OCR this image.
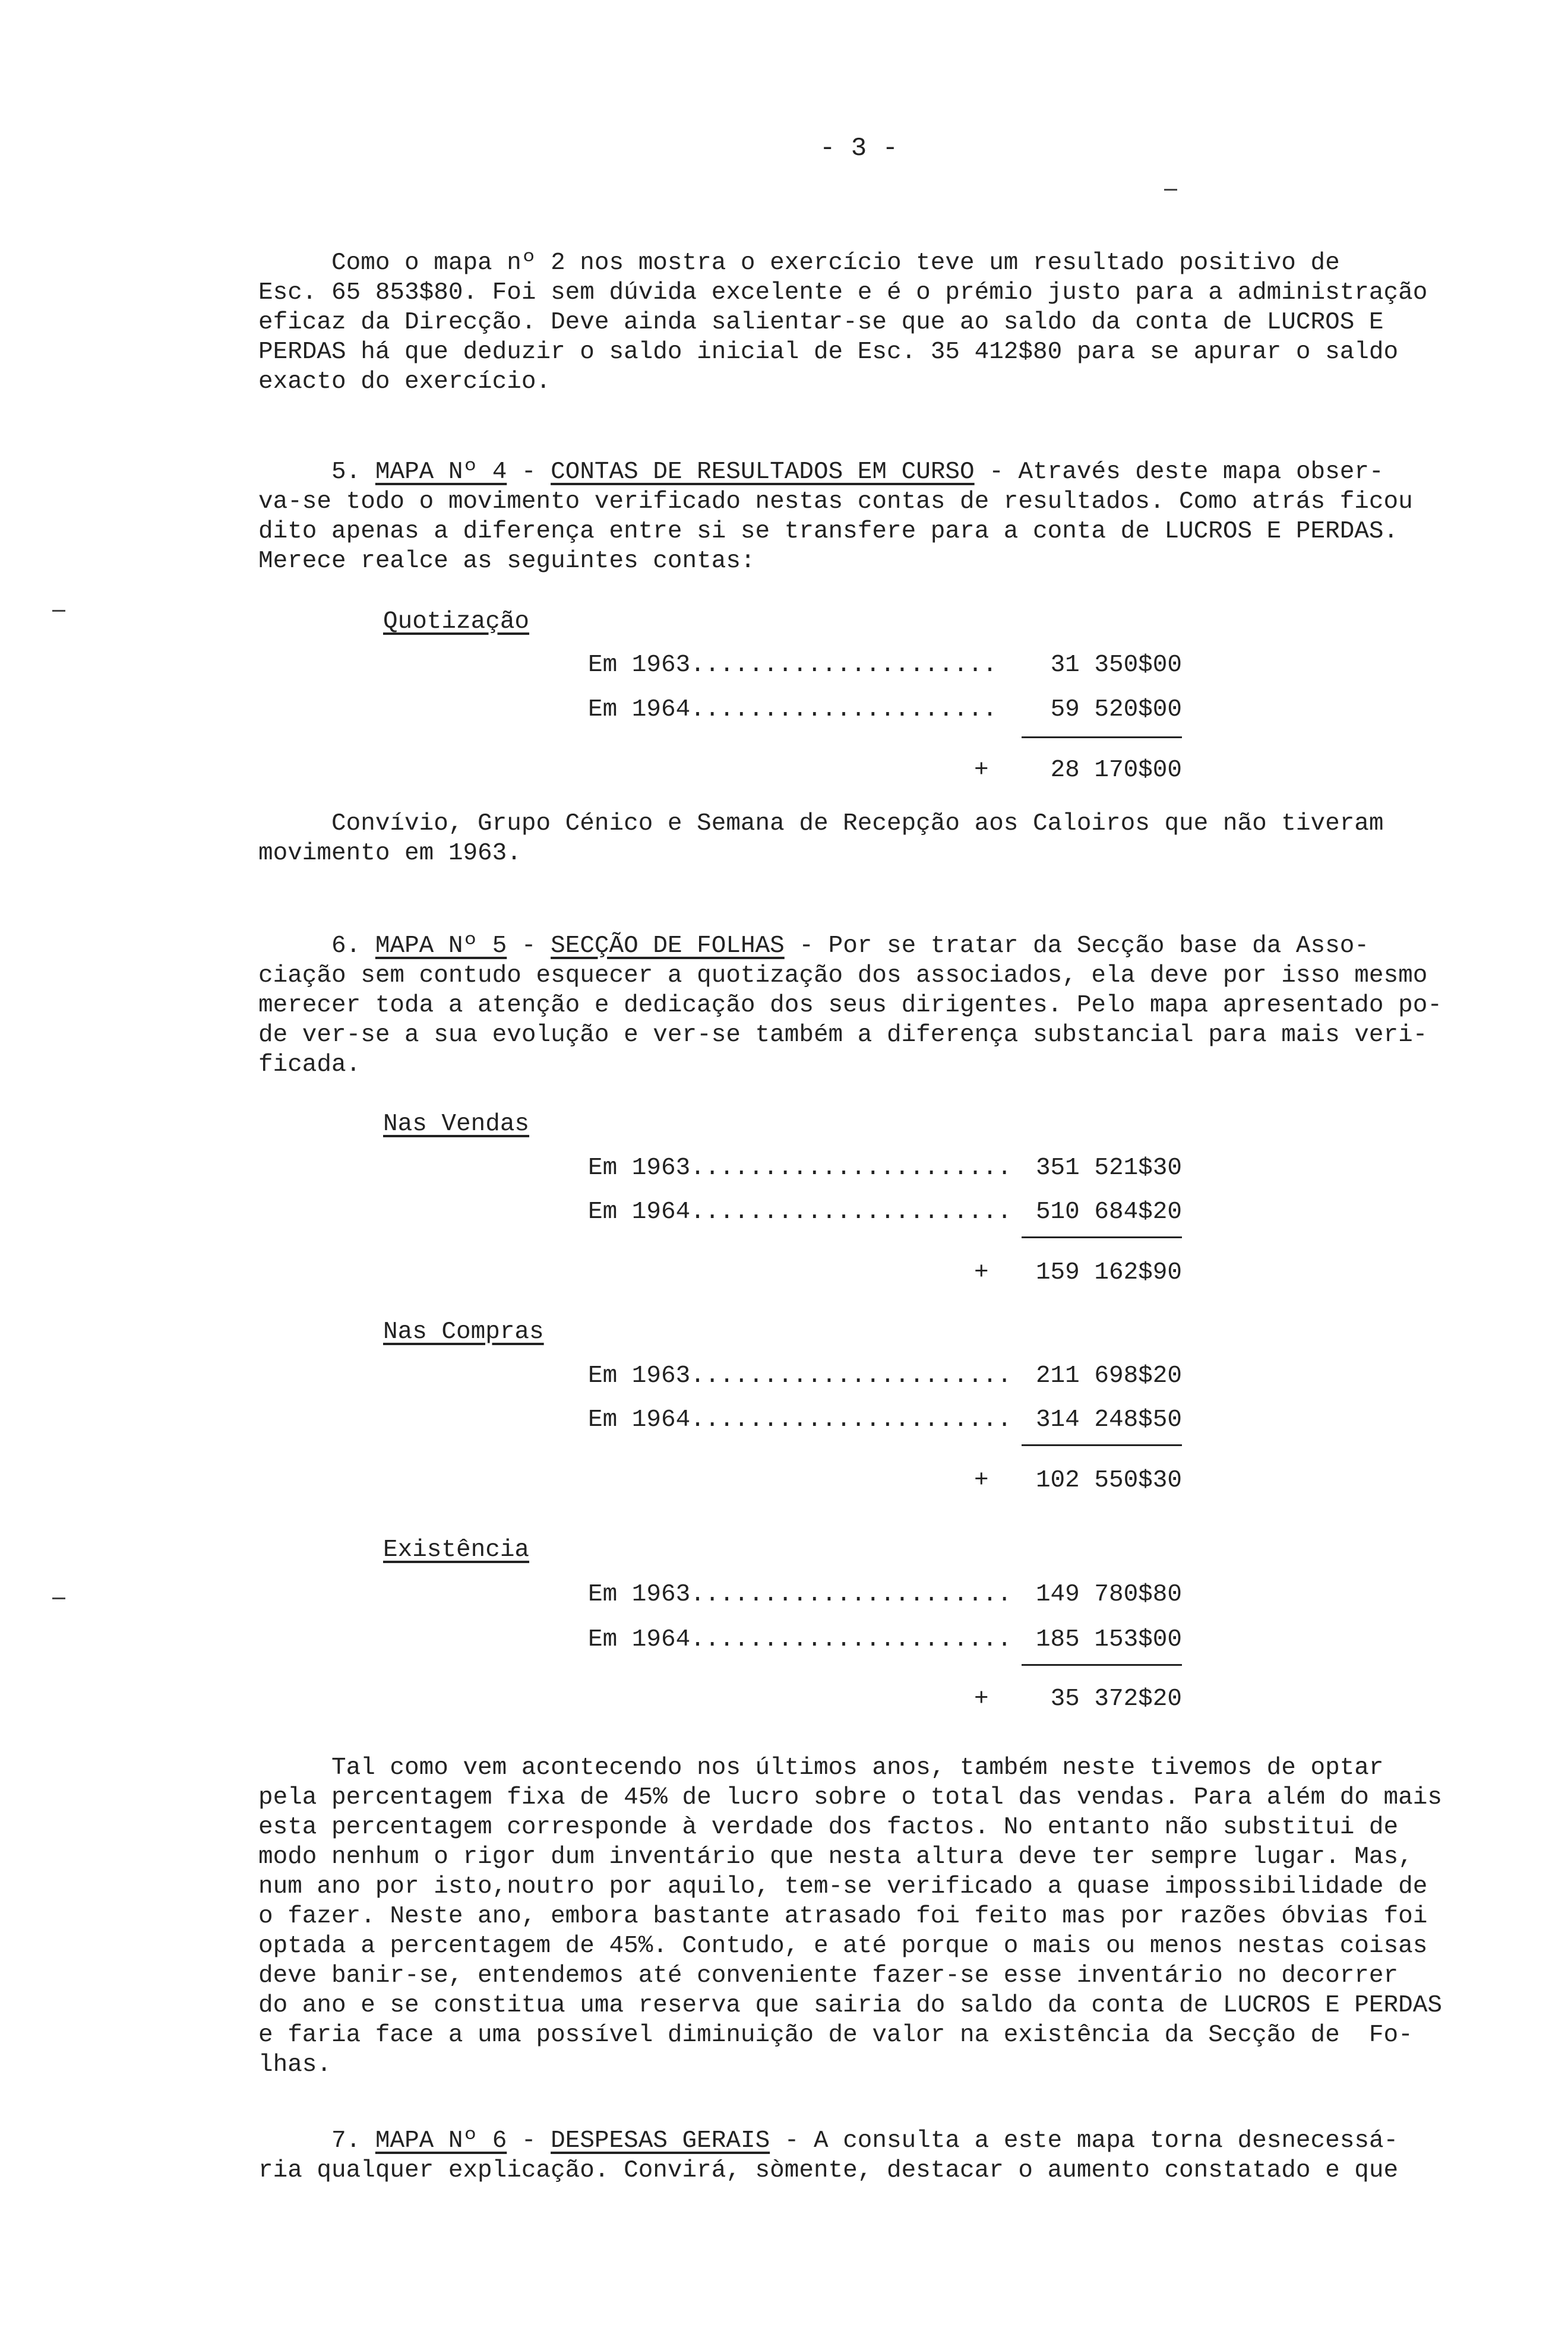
- 3 -
Como o mapa nº 2 nos mostra o exercício teve um resultado positivo de
Esc. 65 853$80. Foi sem dúvida excelente e é o prémio justo para a administração
eficaz da Direcção. Deve ainda salientar-se que ao saldo da conta de LUCROS E
PERDAS há que deduzir o saldo inicial de Esc. 35 412$80 para se apurar o saldo
exacto do exercício.
5. MAPA Nº 4 - CONTAS DE RESULTADOS EM CURSO - Através deste mapa obser-
va-se todo o movimento verificado nestas contas de resultados. Como atrás ficou
dito apenas a diferença entre si se transfere para a conta de LUCROS E PERDAS.
Merece realce as seguintes contas:
Quotização
Em 1963.....................	31 350$00
Em 1964.....................	59 520$00
+	28 170$00
Convívio, Grupo Cénico e Semana de Recepção aos Caloiros que não tiveram
movimento em 1963.
6. MAPA Nº 5 - SECÇÃO DE FOLHAS - Por se tratar da Secção base da Asso-
ciação sem contudo esquecer a quotização dos associados, ela deve por isso mesmo
merecer toda a atenção e dedicação dos seus dirigentes. Pelo mapa apresentado po-
de ver-se a sua evolução e ver-se também a diferença substancial para mais veri-
ficada.
Nas Vendas
Em 1963...................... 351 521$30
Em 1964...................... 510 684$20
+	159 162$90
Nas Compras
Em 1963...................... 211 698$20
Em 1964...................... 314 248$50
+	102 550$30
Existência
Em 1963...................... 149 780$80
Em 1964...................... 185 153$00
+	35 372$20
Tal como vem acontecendo nos últimos anos, também neste tivemos de optar
pela percentagem fixa de 45% de lucro sobre o total das vendas. Para além do mais
esta percentagem corresponde à verdade dos factos. No entanto não substitui de
modo nenhum o rigor dum inventário que nesta altura deve ter sempre lugar. Mas,
num ano por isto,noutro por aquilo, tem-se verificado a quase impossibilidade de
o fazer. Neste ano, embora bastante atrasado foi feito mas por razões óbvias foi
optada a percentagem de 45%. Contudo, e até porque o mais ou menos nestas coisas
deve banir-se, entendemos até conveniente fazer-se esse inventário no decorrer
do ano e se constitua uma reserva que sairia do saldo da conta de LUCROS E PERDAS
e faria face a uma possível diminuição de valor na existência da Secção de  Fo-
lhas.
7. MAPA Nº 6 - DESPESAS GERAIS - A consulta a este mapa torna desnecessá-
ria qualquer explicação. Convirá, sòmente, destacar o aumento constatado e que
